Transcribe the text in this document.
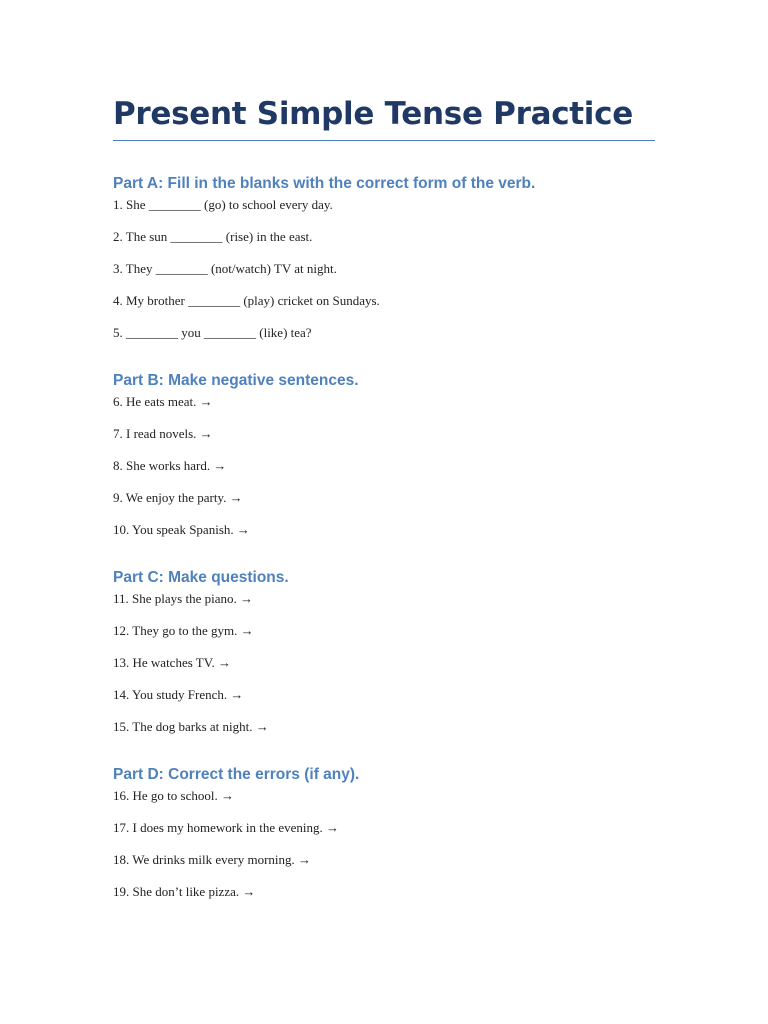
Present Simple Tense Practice
Part A: Fill in the blanks with the correct form of the verb.

1. She ________ (go) to school every day.

2. The sun ________ (rise) in the east.

3. They ________ (not/watch) TV at night.

4. My brother ________ (play) cricket on Sundays.

5. ________ you ________ (like) tea?

Part B: Make negative sentences.

6. He eats meat. →

7. I read novels. →

8. She works hard. →

9. We enjoy the party. →

10. You speak Spanish. →

Part C: Make questions.

11. She plays the piano. →

12. They go to the gym. →

13. He watches TV. →

14. You study French. →

15. The dog barks at night. →

Part D: Correct the errors (if any).

16. He go to school. →

17. I does my homework in the evening. →

18. We drinks milk every morning. →

19. She don’t like pizza. →
